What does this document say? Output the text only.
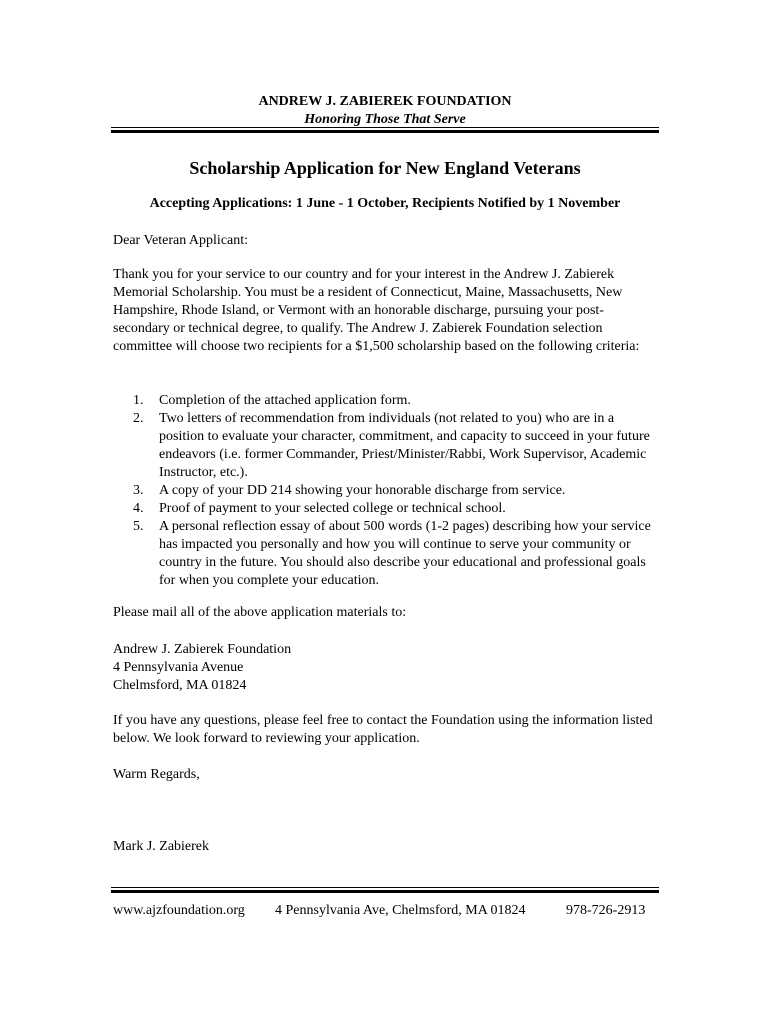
ANDREW J. ZABIEREK FOUNDATION
Honoring Those That Serve
Scholarship Application for New England Veterans
Accepting Applications: 1 June - 1 October, Recipients Notified by 1 November

Dear Veteran Applicant:

Thank you for your service to our country and for your interest in the Andrew J. Zabierek Memorial Scholarship. You must be a resident of Connecticut, Maine, Massachusetts, New Hampshire, Rhode Island, or Vermont with an honorable discharge, pursuing your post-secondary or technical degree, to qualify. The Andrew J. Zabierek Foundation selection committee will choose two recipients for a $1,500 scholarship based on the following criteria:

1. Completion of the attached application form.
2. Two letters of recommendation from individuals (not related to you) who are in a position to evaluate your character, commitment, and capacity to succeed in your future endeavors (i.e. former Commander, Priest/Minister/Rabbi, Work Supervisor, Academic Instructor, etc.).
3. A copy of your DD 214 showing your honorable discharge from service.
4. Proof of payment to your selected college or technical school.
5. A personal reflection essay of about 500 words (1-2 pages) describing how your service has impacted you personally and how you will continue to serve your community or country in the future. You should also describe your educational and professional goals for when you complete your education.

Please mail all of the above application materials to:

Andrew J. Zabierek Foundation

4 Pennsylvania Avenue

Chelmsford, MA 01824

If you have any questions, please feel free to contact the Foundation using the information listed below. We look forward to reviewing your application.

Warm Regards,

Mark J. Zabierek

www.ajzfoundation.org 4 Pennsylvania Ave, Chelmsford, MA 01824	978-726-2913
